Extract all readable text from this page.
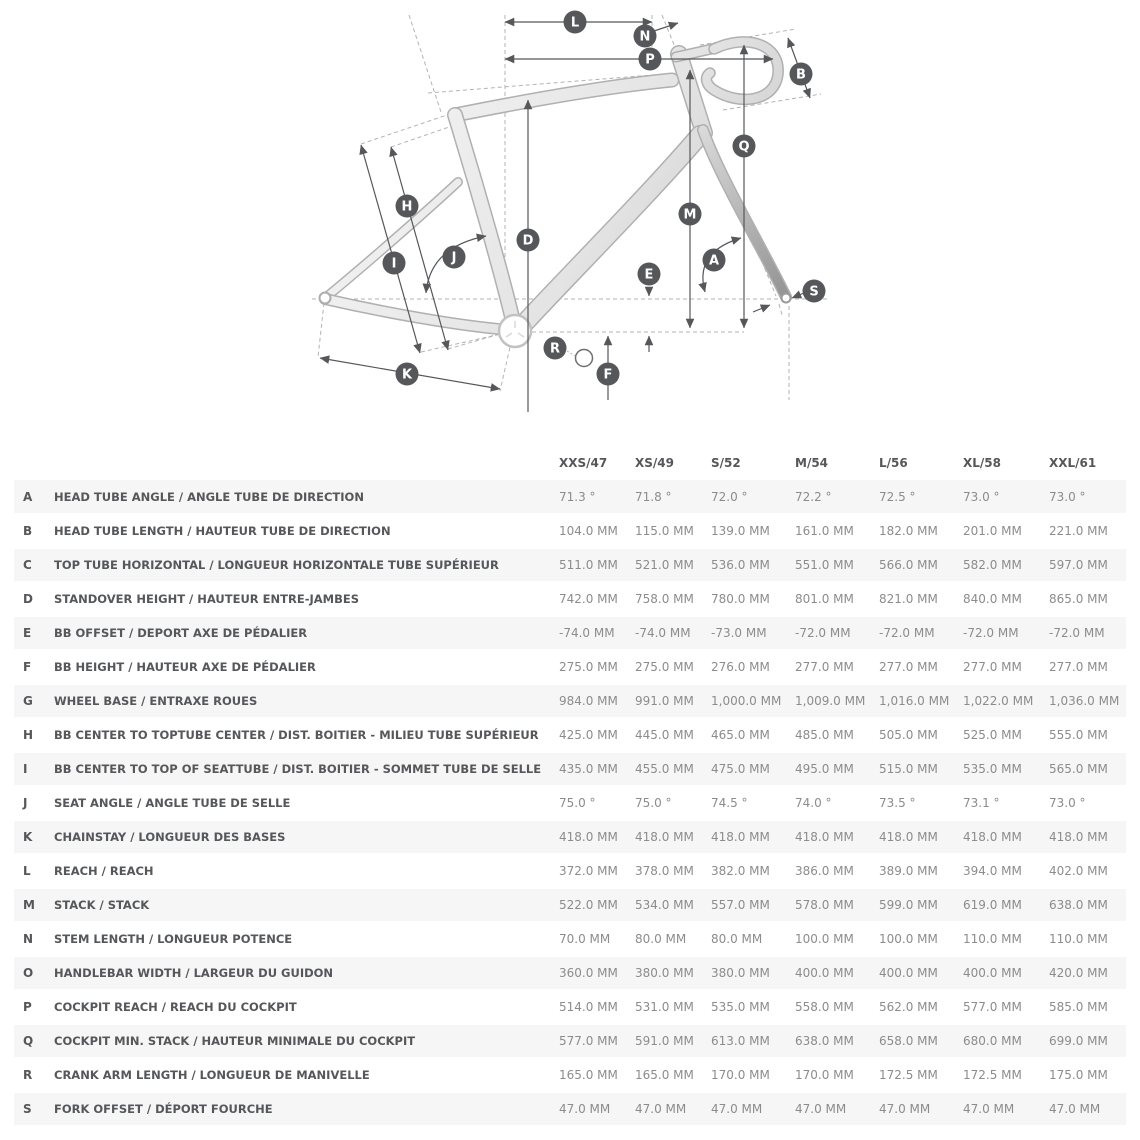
L
N
P
B
Q
M
H
D
J
I	A
E
S
R
F
K
		XXS/47	XS/49	S/52	M/54	L/56	XL/58	XXL/61
A	HEAD TUBE ANGLE / ANGLE TUBE DE DIRECTION	71.3 °	71.8 °	72.0 °	72.2 °	72.5 °	73.0 °	73.0 °
B	HEAD TUBE LENGTH / HAUTEUR TUBE DE DIRECTION	104.0 MM	115.0 MM	139.0 MM	161.0 MM	182.0 MM	201.0 MM	221.0 MM
C	TOP TUBE HORIZONTAL / LONGUEUR HORIZONTALE TUBE SUPÉRIEUR	511.0 MM	521.0 MM	536.0 MM	551.0 MM	566.0 MM	582.0 MM	597.0 MM
D	STANDOVER HEIGHT / HAUTEUR ENTRE-JAMBES	742.0 MM	758.0 MM	780.0 MM	801.0 MM	821.0 MM	840.0 MM	865.0 MM
E	BB OFFSET / DEPORT AXE DE PÉDALIER	-74.0 MM	-74.0 MM	-73.0 MM	-72.0 MM	-72.0 MM	-72.0 MM	-72.0 MM
F	BB HEIGHT / HAUTEUR AXE DE PÉDALIER	275.0 MM	275.0 MM	276.0 MM	277.0 MM	277.0 MM	277.0 MM	277.0 MM
G	WHEEL BASE / ENTRAXE ROUES	984.0 MM	991.0 MM	1,000.0 MM	1,009.0 MM	1,016.0 MM	1,022.0 MM	1,036.0 MM
H	BB CENTER TO TOPTUBE CENTER / DIST. BOITIER - MILIEU TUBE SUPÉRIEUR	425.0 MM	445.0 MM	465.0 MM	485.0 MM	505.0 MM	525.0 MM	555.0 MM
I	BB CENTER TO TOP OF SEATTUBE / DIST. BOITIER - SOMMET TUBE DE SELLE	435.0 MM	455.0 MM	475.0 MM	495.0 MM	515.0 MM	535.0 MM	565.0 MM
J	SEAT ANGLE / ANGLE TUBE DE SELLE	75.0 °	75.0 °	74.5 °	74.0 °	73.5 °	73.1 °	73.0 °
K	CHAINSTAY / LONGUEUR DES BASES	418.0 MM	418.0 MM	418.0 MM	418.0 MM	418.0 MM	418.0 MM	418.0 MM
L	REACH / REACH	372.0 MM	378.0 MM	382.0 MM	386.0 MM	389.0 MM	394.0 MM	402.0 MM
M	STACK / STACK	522.0 MM	534.0 MM	557.0 MM	578.0 MM	599.0 MM	619.0 MM	638.0 MM
N	STEM LENGTH / LONGUEUR POTENCE	70.0 MM	80.0 MM	80.0 MM	100.0 MM	100.0 MM	110.0 MM	110.0 MM
O	HANDLEBAR WIDTH / LARGEUR DU GUIDON	360.0 MM	380.0 MM	380.0 MM	400.0 MM	400.0 MM	400.0 MM	420.0 MM
P	COCKPIT REACH / REACH DU COCKPIT	514.0 MM	531.0 MM	535.0 MM	558.0 MM	562.0 MM	577.0 MM	585.0 MM
Q	COCKPIT MIN. STACK / HAUTEUR MINIMALE DU COCKPIT	577.0 MM	591.0 MM	613.0 MM	638.0 MM	658.0 MM	680.0 MM	699.0 MM
R	CRANK ARM LENGTH / LONGUEUR DE MANIVELLE	165.0 MM	165.0 MM	170.0 MM	170.0 MM	172.5 MM	172.5 MM	175.0 MM
S	FORK OFFSET / DÉPORT FOURCHE	47.0 MM	47.0 MM	47.0 MM	47.0 MM	47.0 MM	47.0 MM	47.0 MM
